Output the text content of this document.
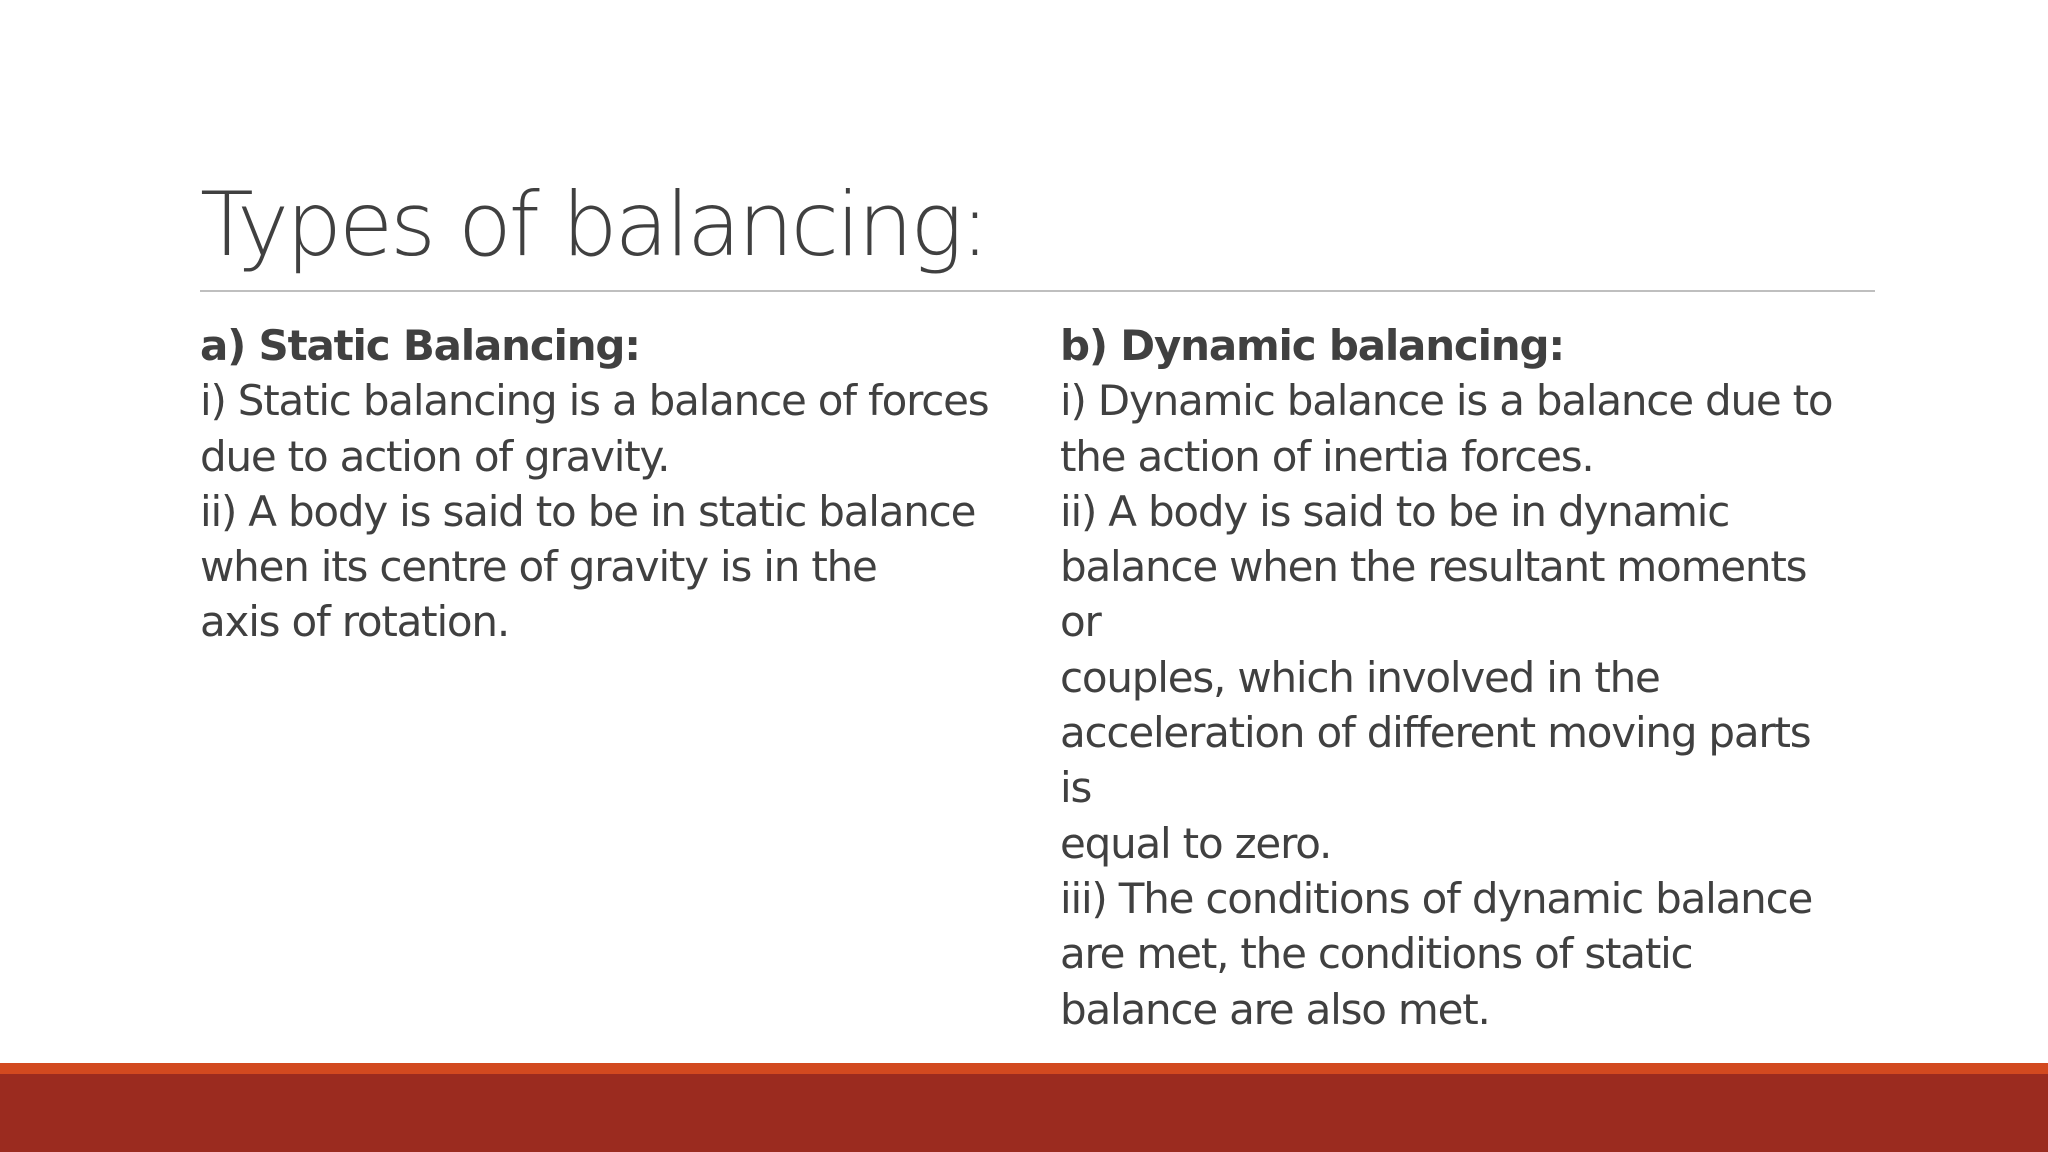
Types of balancing:
a) Static Balancing:
i) Static balancing is a balance of forces
due to action of gravity.
ii) A body is said to be in static balance
when its centre of gravity is in the
axis of rotation.
b) Dynamic balancing:
i) Dynamic balance is a balance due to
the action of inertia forces.
ii) A body is said to be in dynamic
balance when the resultant moments
or
couples, which involved in the
acceleration of different moving parts
is
equal to zero.
iii) The conditions of dynamic balance
are met, the conditions of static
balance are also met.
